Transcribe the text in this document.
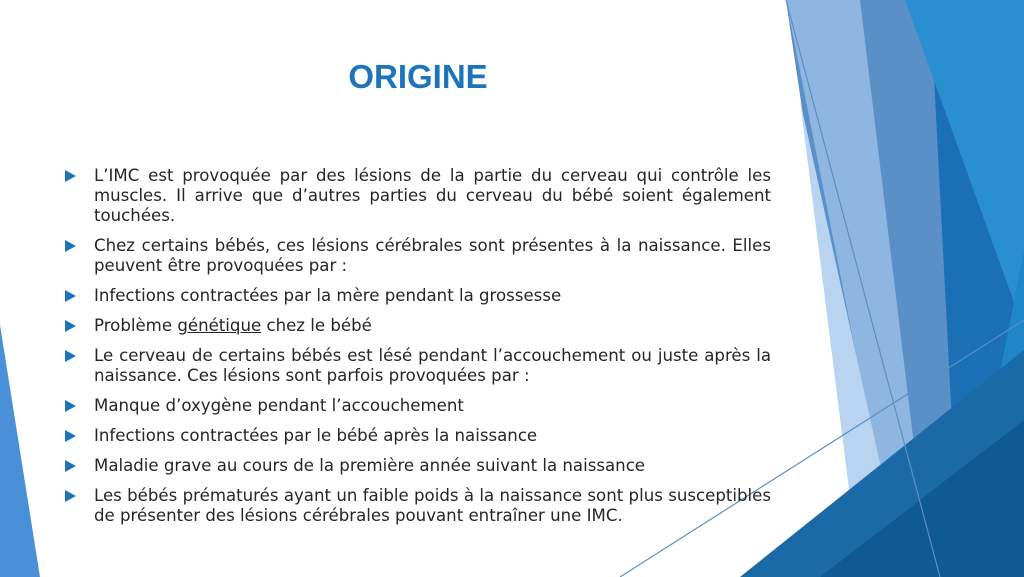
ORIGINE
L’IMC est provoquée par des lésions de la partie du cerveau qui contrôle les muscles. Il arrive que d’autres parties du cerveau du bébé soient également touchées.
Chez certains bébés, ces lésions cérébrales sont présentes à la naissance. Elles peuvent être provoquées par :
Infections contractées par la mère pendant la grossesse
Problème génétique chez le bébé
Le cerveau de certains bébés est lésé pendant l’accouchement ou juste après la naissance. Ces lésions sont parfois provoquées par :
Manque d’oxygène pendant l’accouchement
Infections contractées par le bébé après la naissance
Maladie grave au cours de la première année suivant la naissance
Les bébés prématurés ayant un faible poids à la naissance sont plus susceptibles de présenter des lésions cérébrales pouvant entraîner une IMC.
